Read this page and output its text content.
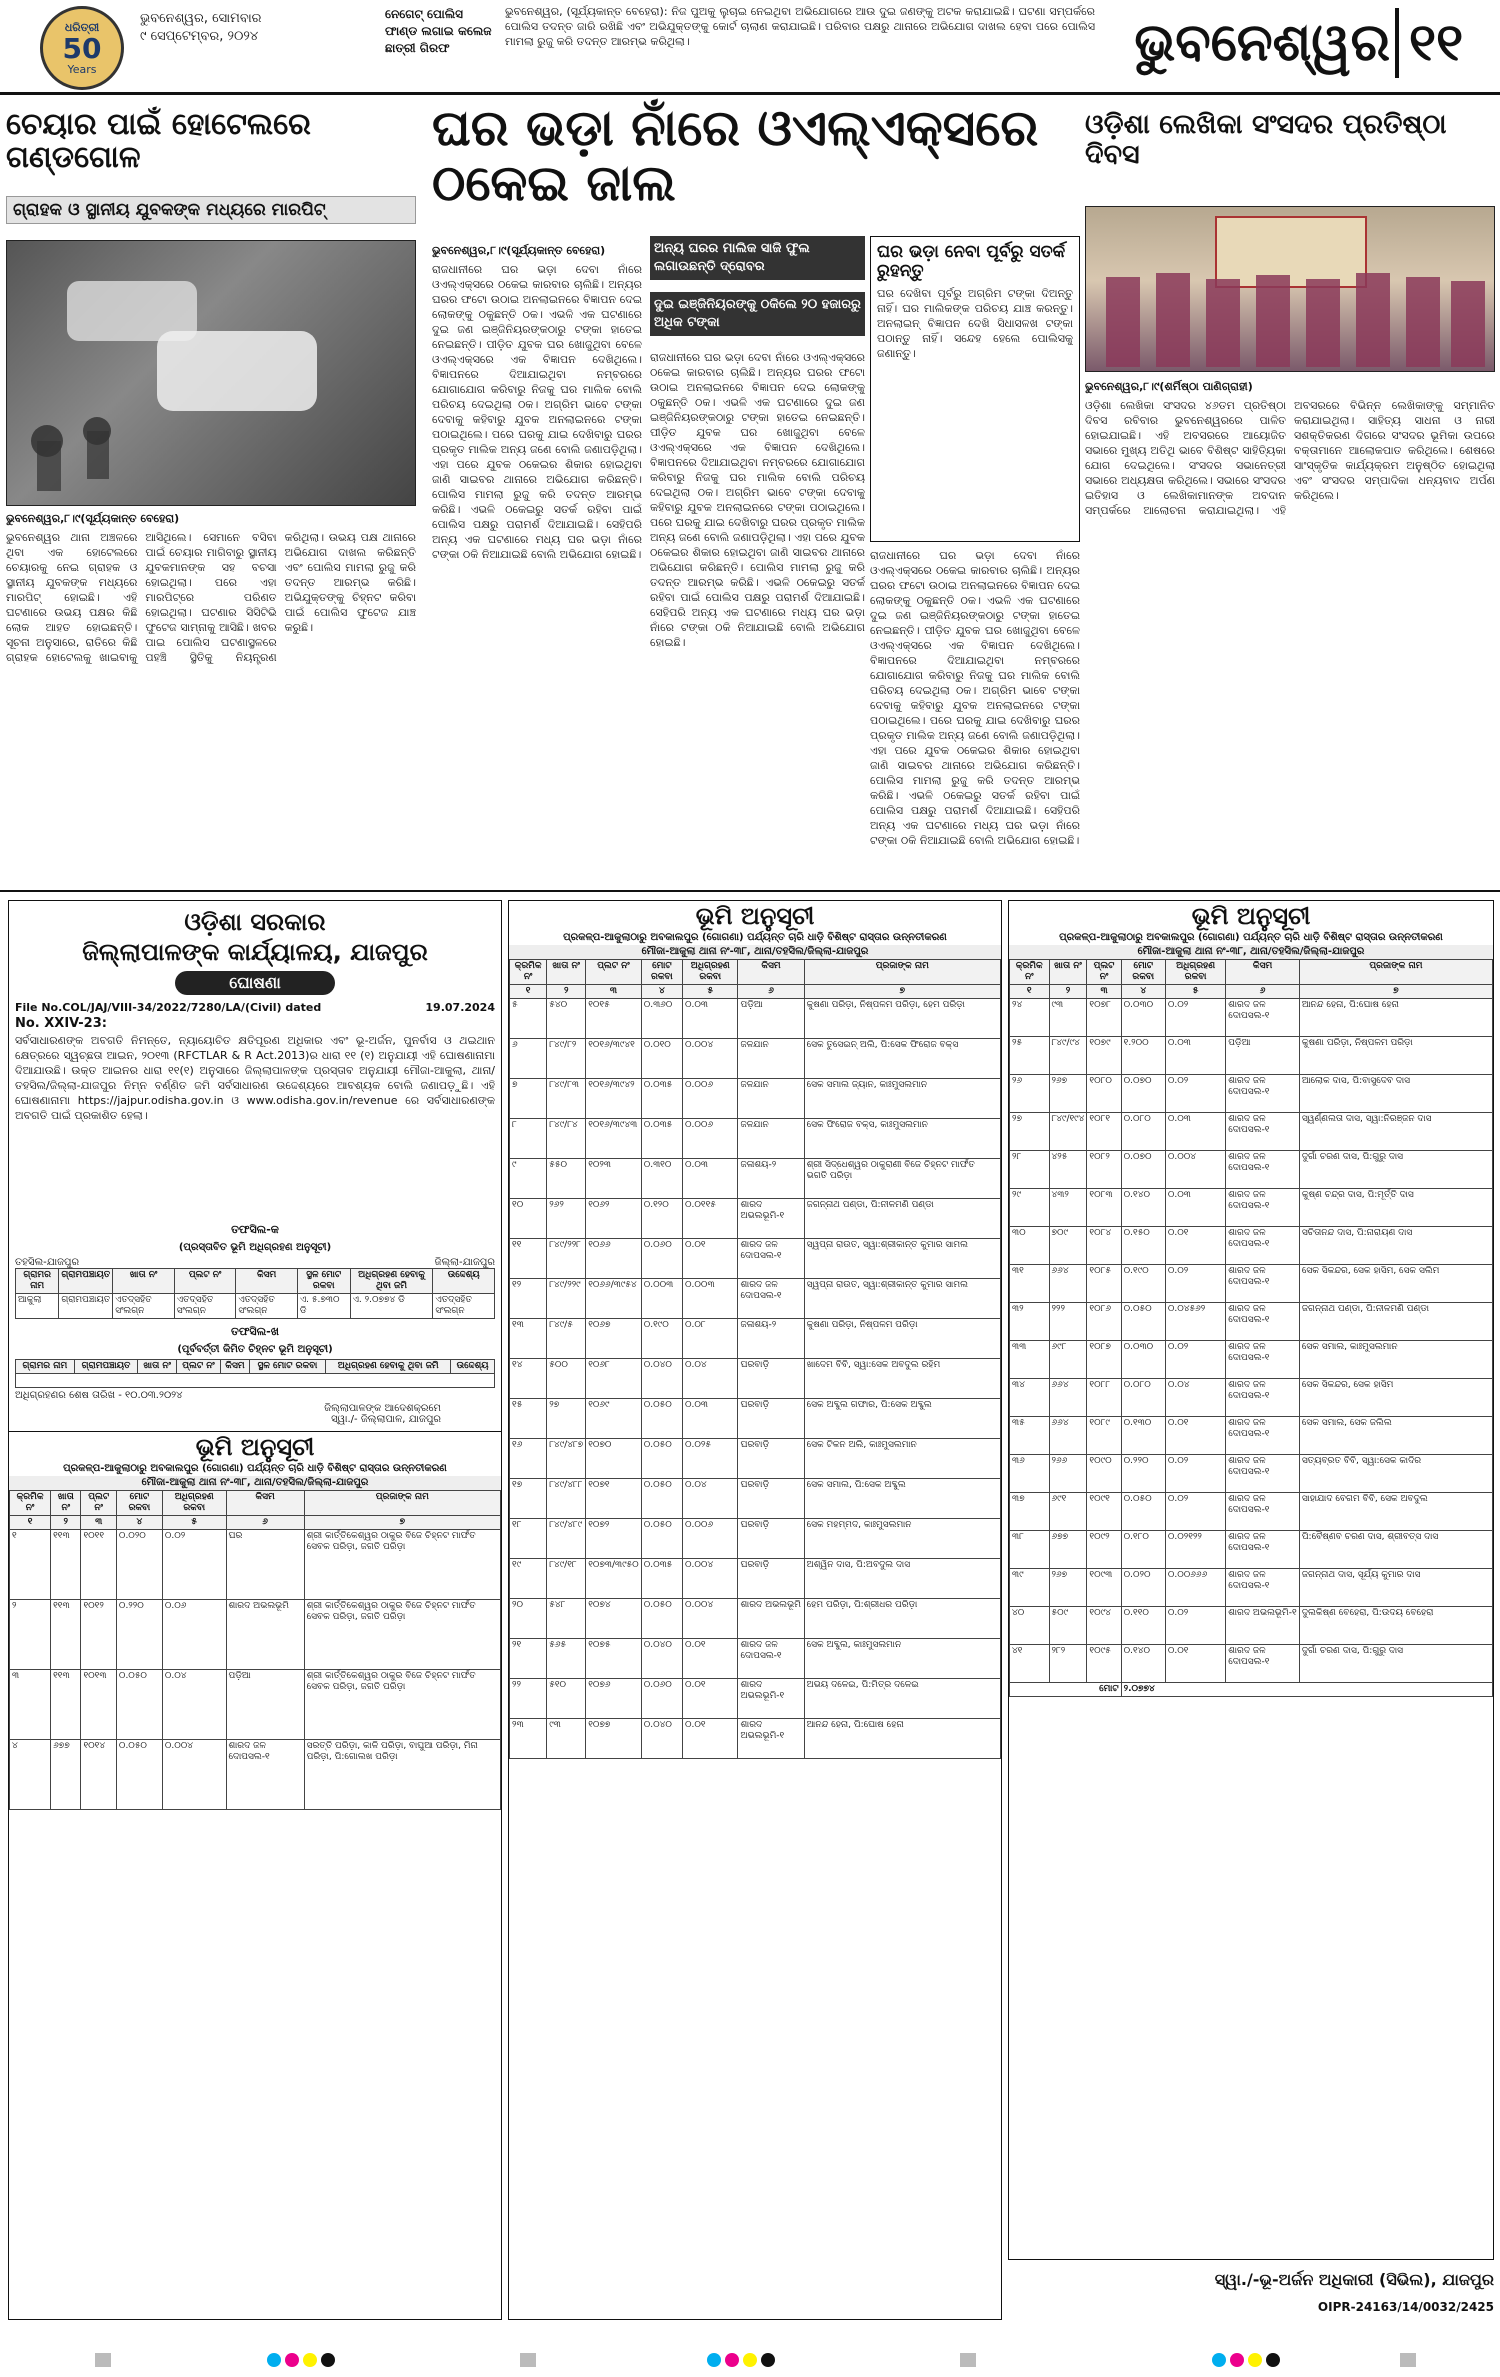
ଧରିତ୍ରୀ
50
Years
ଭୁବନେଶ୍ୱର, ସୋମବାର
୯ ସେପ୍ଟେମ୍ବର, ୨୦୨୪
ନେଗେଟ୍ ପୋଲିସ ଫାଣ୍ଡ ଲଗାଇ କଲେଜ ଛାତ୍ରୀ ଗିରଫ
ଭୁବନେଶ୍ୱର, (ସୂର୍ଯ୍ୟକାନ୍ତ ବେହେରା): ନିଜ ପୁଅକୁ ଲୁଚାଇ ନେଇଥିବା ଅଭିଯୋଗରେ ଆଉ ଦୁଇ ଜଣଙ୍କୁ ଅଟକ କରାଯାଇଛି। ଘଟଣା ସମ୍ପର୍କରେ ପୋଲିସ ତଦନ୍ତ ଜାରି ରଖିଛି ଏବଂ ଅଭିଯୁକ୍ତଙ୍କୁ କୋର୍ଟ ଚାଲାଣ କରାଯାଇଛି। ପରିବାର ପକ୍ଷରୁ ଥାନାରେ ଅଭିଯୋଗ ଦାଖଲ ହେବା ପରେ ପୋଲିସ ମାମଲା ରୁଜୁ କରି ତଦନ୍ତ ଆରମ୍ଭ କରିଥିଲା।	ଭୁବନେଶ୍ୱର ୧୧
ଚେୟାର ପାଇଁ ହୋଟେଲରେ ଗଣ୍ଡଗୋଳ
ଗ୍ରାହକ ଓ ସ୍ଥାନୀୟ ଯୁବକଙ୍କ ମଧ୍ୟରେ ମାରପିଟ୍
ଭୁବନେଶ୍ୱର,୮।୯(ସୂର୍ଯ୍ୟକାନ୍ତ ବେହେରା)
ଭୁବନେଶ୍ୱର ଥାନା ଅଞ୍ଚଳରେ ଥିବା ଏକ ହୋଟେଲରେ ଚେୟାରକୁ ନେଇ ଗ୍ରାହକ ଓ ସ୍ଥାନୀୟ ଯୁବକଙ୍କ ମଧ୍ୟରେ ମାରପିଟ୍ ହୋଇଛି। ଏହି ଘଟଣାରେ ଉଭୟ ପକ୍ଷର କିଛି ଲୋକ ଆହତ ହୋଇଛନ୍ତି। ସୂଚନା ଅନୁସାରେ, ରାତିରେ କିଛି ଗ୍ରାହକ ହୋଟେଲକୁ ଖାଇବାକୁ ଆସିଥିଲେ। ସେମାନେ ବସିବା ପାଇଁ ଚେୟାର ମାଗିବାରୁ ସ୍ଥାନୀୟ ଯୁବକମାନଙ୍କ ସହ ବଚସା ହୋଇଥିଲା। ପରେ ଏହା ମାରପିଟ୍‌ରେ ପରିଣତ ହୋଇଥିଲା। ଘଟଣାର ସିସିଟିଭି ଫୁଟେଜ ସାମ୍ନାକୁ ଆସିଛି। ଖବର ପାଇ ପୋଲିସ ଘଟଣାସ୍ଥଳରେ ପହଞ୍ଚି ସ୍ଥିତିକୁ ନିୟନ୍ତ୍ରଣ କରିଥିଲା। ଉଭୟ ପକ୍ଷ ଥାନାରେ ଅଭିଯୋଗ ଦାଖଲ କରିଛନ୍ତି ଏବଂ ପୋଲିସ ମାମଲା ରୁଜୁ କରି ତଦନ୍ତ ଆରମ୍ଭ କରିଛି। ଅଭିଯୁକ୍ତଙ୍କୁ ଚିହ୍ନଟ କରିବା ପାଇଁ ପୋଲିସ ଫୁଟେଜ ଯାଞ୍ଚ କରୁଛି।
ଘର ଭଡ଼ା ନାଁରେ ଓଏଲ୍‌ଏକ୍ସରେ ଠକେଇ ଜାଲ
ଭୁବନେଶ୍ୱର,୮।୯(ସୂର୍ଯ୍ୟକାନ୍ତ ବେହେରା)	ଅନ୍ୟ ଘରର ମାଲିକ ସାଜି ଫୁଲ ଲଗାଉଛନ୍ତି ଦ୍ରୋବର
ଦୁଇ ଇଞ୍ଜିନିୟରଙ୍କୁ ଠକିଲେ ୨୦ ହଜାରରୁ ଅଧିକ ଟଙ୍କା
ଘର ଭଡ଼ା ନେବା ପୂର୍ବରୁ ସତର୍କ ରୁହନ୍ତୁ
ଘର ଦେଖିବା ପୂର୍ବରୁ ଅଗ୍ରିମ ଟଙ୍କା ଦିଅନ୍ତୁ ନାହିଁ। ଘର ମାଲିକଙ୍କ ପରିଚୟ ଯାଞ୍ଚ କରନ୍ତୁ। ଅନଲାଇନ୍ ବିଜ୍ଞାପନ ଦେଖି ସିଧାସଳଖ ଟଙ୍କା ପଠାନ୍ତୁ ନାହିଁ। ସନ୍ଦେହ ହେଲେ ପୋଲିସକୁ ଜଣାନ୍ତୁ।
ରାଜଧାନୀରେ ଘର ଭଡ଼ା ଦେବା ନାଁରେ ଓଏଲ୍‌ଏକ୍ସରେ ଠକେଇ କାରବାର ଚାଲିଛି। ଅନ୍ୟର ଘରର ଫଟୋ ଉଠାଇ ଅନଲାଇନରେ ବିଜ୍ଞାପନ ଦେଇ ଲୋକଙ୍କୁ ଠକୁଛନ୍ତି ଠକ। ଏଭଳି ଏକ ଘଟଣାରେ ଦୁଇ ଜଣ ଇଞ୍ଜିନିୟରଙ୍କଠାରୁ ଟଙ୍କା ହାତେଇ ନେଇଛନ୍ତି। ପୀଡ଼ିତ ଯୁବକ ଘର ଖୋଜୁଥିବା ବେଳେ ଓଏଲ୍‌ଏକ୍ସରେ ଏକ ବିଜ୍ଞାପନ ଦେଖିଥିଲେ। ବିଜ୍ଞାପନରେ ଦିଆଯାଇଥିବା ନମ୍ବରରେ ଯୋଗାଯୋଗ କରିବାରୁ ନିଜକୁ ଘର ମାଲିକ ବୋଲି ପରିଚୟ ଦେଇଥିଲା ଠକ। ଅଗ୍ରିମ ଭାବେ ଟଙ୍କା ଦେବାକୁ କହିବାରୁ ଯୁବକ ଅନଲାଇନରେ ଟଙ୍କା ପଠାଇଥିଲେ। ପରେ ଘରକୁ ଯାଇ ଦେଖିବାରୁ ଘରର ପ୍ରକୃତ ମାଲିକ ଅନ୍ୟ ଜଣେ ବୋଲି ଜଣାପଡ଼ିଥିଲା। ଏହା ପରେ ଯୁବକ ଠକେଇର ଶିକାର ହୋଇଥିବା ଜାଣି ସାଇବର ଥାନାରେ ଅଭିଯୋଗ କରିଛନ୍ତି। ପୋଲିସ ମାମଲା ରୁଜୁ କରି ତଦନ୍ତ ଆରମ୍ଭ କରିଛି। ଏଭଳି ଠକେଇରୁ ସତର୍କ ରହିବା ପାଇଁ ପୋଲିସ ପକ୍ଷରୁ ପରାମର୍ଶ ଦିଆଯାଇଛି। ସେହିପରି ଅନ୍ୟ ଏକ ଘଟଣାରେ ମଧ୍ୟ ଘର ଭଡ଼ା ନାଁରେ ଟଙ୍କା ଠକି ନିଆଯାଇଛି ବୋଲି ଅଭିଯୋଗ ହୋଇଛି।
ରାଜଧାନୀରେ ଘର ଭଡ଼ା ଦେବା ନାଁରେ ଓଏଲ୍‌ଏକ୍ସରେ ଠକେଇ କାରବାର ଚାଲିଛି। ଅନ୍ୟର ଘରର ଫଟୋ ଉଠାଇ ଅନଲାଇନରେ ବିଜ୍ଞାପନ ଦେଇ ଲୋକଙ୍କୁ ଠକୁଛନ୍ତି ଠକ। ଏଭଳି ଏକ ଘଟଣାରେ ଦୁଇ ଜଣ ଇଞ୍ଜିନିୟରଙ୍କଠାରୁ ଟଙ୍କା ହାତେଇ ନେଇଛନ୍ତି। ପୀଡ଼ିତ ଯୁବକ ଘର ଖୋଜୁଥିବା ବେଳେ ଓଏଲ୍‌ଏକ୍ସରେ ଏକ ବିଜ୍ଞାପନ ଦେଖିଥିଲେ। ବିଜ୍ଞାପନରେ ଦିଆଯାଇଥିବା ନମ୍ବରରେ ଯୋଗାଯୋଗ କରିବାରୁ ନିଜକୁ ଘର ମାଲିକ ବୋଲି ପରିଚୟ ଦେଇଥିଲା ଠକ। ଅଗ୍ରିମ ଭାବେ ଟଙ୍କା ଦେବାକୁ କହିବାରୁ ଯୁବକ ଅନଲାଇନରେ ଟଙ୍କା ପଠାଇଥିଲେ। ପରେ ଘରକୁ ଯାଇ ଦେଖିବାରୁ ଘରର ପ୍ରକୃତ ମାଲିକ ଅନ୍ୟ ଜଣେ ବୋଲି ଜଣାପଡ଼ିଥିଲା। ଏହା ପରେ ଯୁବକ ଠକେଇର ଶିକାର ହୋଇଥିବା ଜାଣି ସାଇବର ଥାନାରେ ଅଭିଯୋଗ କରିଛନ୍ତି। ପୋଲିସ ମାମଲା ରୁଜୁ କରି ତଦନ୍ତ ଆରମ୍ଭ କରିଛି। ଏଭଳି ଠକେଇରୁ ସତର୍କ ରହିବା ପାଇଁ ପୋଲିସ ପକ୍ଷରୁ ପରାମର୍ଶ ଦିଆଯାଇଛି। ସେହିପରି ଅନ୍ୟ ଏକ ଘଟଣାରେ ମଧ୍ୟ ଘର ଭଡ଼ା ନାଁରେ ଟଙ୍କା ଠକି ନିଆଯାଇଛି ବୋଲି ଅଭିଯୋଗ ହୋଇଛି।
ରାଜଧାନୀରେ ଘର ଭଡ଼ା ଦେବା ନାଁରେ ଓଏଲ୍‌ଏକ୍ସରେ ଠକେଇ କାରବାର ଚାଲିଛି। ଅନ୍ୟର ଘରର ଫଟୋ ଉଠାଇ ଅନଲାଇନରେ ବିଜ୍ଞାପନ ଦେଇ ଲୋକଙ୍କୁ ଠକୁଛନ୍ତି ଠକ। ଏଭଳି ଏକ ଘଟଣାରେ ଦୁଇ ଜଣ ଇଞ୍ଜିନିୟରଙ୍କଠାରୁ ଟଙ୍କା ହାତେଇ ନେଇଛନ୍ତି। ପୀଡ଼ିତ ଯୁବକ ଘର ଖୋଜୁଥିବା ବେଳେ ଓଏଲ୍‌ଏକ୍ସରେ ଏକ ବିଜ୍ଞାପନ ଦେଖିଥିଲେ। ବିଜ୍ଞାପନରେ ଦିଆଯାଇଥିବା ନମ୍ବରରେ ଯୋଗାଯୋଗ କରିବାରୁ ନିଜକୁ ଘର ମାଲିକ ବୋଲି ପରିଚୟ ଦେଇଥିଲା ଠକ। ଅଗ୍ରିମ ଭାବେ ଟଙ୍କା ଦେବାକୁ କହିବାରୁ ଯୁବକ ଅନଲାଇନରେ ଟଙ୍କା ପଠାଇଥିଲେ। ପରେ ଘରକୁ ଯାଇ ଦେଖିବାରୁ ଘରର ପ୍ରକୃତ ମାଲିକ ଅନ୍ୟ ଜଣେ ବୋଲି ଜଣାପଡ଼ିଥିଲା। ଏହା ପରେ ଯୁବକ ଠକେଇର ଶିକାର ହୋଇଥିବା ଜାଣି ସାଇବର ଥାନାରେ ଅଭିଯୋଗ କରିଛନ୍ତି। ପୋଲିସ ମାମଲା ରୁଜୁ କରି ତଦନ୍ତ ଆରମ୍ଭ କରିଛି। ଏଭଳି ଠକେଇରୁ ସତର୍କ ରହିବା ପାଇଁ ପୋଲିସ ପକ୍ଷରୁ ପରାମର୍ଶ ଦିଆଯାଇଛି। ସେହିପରି ଅନ୍ୟ ଏକ ଘଟଣାରେ ମଧ୍ୟ ଘର ଭଡ଼ା ନାଁରେ ଟଙ୍କା ଠକି ନିଆଯାଇଛି ବୋଲି ଅଭିଯୋଗ ହୋଇଛି।
ଓଡ଼ିଶା ଲେଖିକା ସଂସଦର ପ୍ରତିଷ୍ଠା ଦିବସ
ଭୁବନେଶ୍ୱର,୮।୯(ଶର୍ମିଷ୍ଠା ପାଣିଗ୍ରାହୀ)
ଓଡ଼ିଶା ଲେଖିକା ସଂସଦର ୪୬ତମ ପ୍ରତିଷ୍ଠା ଦିବସ ରବିବାର ଭୁବନେଶ୍ୱରରେ ପାଳିତ ହୋଇଯାଇଛି। ଏହି ଅବସରରେ ଆୟୋଜିତ ସଭାରେ ମୁଖ୍ୟ ଅତିଥି ଭାବେ ବିଶିଷ୍ଟ ସାହିତ୍ୟିକା ଯୋଗ ଦେଇଥିଲେ। ସଂସଦର ସଭାନେତ୍ରୀ ସଭାରେ ଅଧ୍ୟକ୍ଷତା କରିଥିଲେ। ସଭାରେ ସଂସଦର ଇତିହାସ ଓ ଲେଖିକାମାନଙ୍କ ଅବଦାନ ସମ୍ପର୍କରେ ଆଲୋଚନା କରାଯାଇଥିଲା। ଏହି ଅବସରରେ ବିଭିନ୍ନ ଲେଖିକାଙ୍କୁ ସମ୍ମାନିତ କରାଯାଇଥିଲା। ସାହିତ୍ୟ ସାଧନା ଓ ନାରୀ ସଶକ୍ତିକରଣ ଦିଗରେ ସଂସଦର ଭୂମିକା ଉପରେ ବକ୍ତାମାନେ ଆଲୋକପାତ କରିଥିଲେ। ଶେଷରେ ସାଂସ୍କୃତିକ କାର୍ଯ୍ୟକ୍ରମ ଅନୁଷ୍ଠିତ ହୋଇଥିଲା ଏବଂ ସଂସଦର ସମ୍ପାଦିକା ଧନ୍ୟବାଦ ଅର୍ପଣ କରିଥିଲେ।
ଓଡ଼ିଶା ସରକାର
ଜିଲ୍ଲାପାଳଙ୍କ କାର୍ଯ୍ୟାଳୟ, ଯାଜପୁର
ଘୋଷଣା
File No.COL/JAJ/VIII-34/2022/7280/LA/(Civil) dated	19.07.2024
No. XXIV-23:
ସର୍ବସାଧାରଣଙ୍କ ଅବଗତି ନିମନ୍ତେ, ନ୍ୟାୟୋଚିତ କ୍ଷତିପୂରଣ ଅଧିକାର ଏବଂ ଭୂ-ଅର୍ଜନ, ପୁନର୍ବାସ ଓ ଥଇଥାନ କ୍ଷେତ୍ରରେ ସ୍ୱଚ୍ଛତା ଆଇନ, ୨୦୧୩ (RFCTLAR & R Act.2013)ର ଧାରା ୧୧ (୧) ଅନୁଯାୟୀ ଏହି ଘୋଷଣାନାମା ଦିଆଯାଉଛି। ଉକ୍ତ ଆଇନର ଧାରା ୧୧(୧) ଅନୁସାରେ ଜିଲ୍ଲାପାଳଙ୍କ ପ୍ରସ୍ତାବ ଅନୁଯାୟୀ ମୌଜା-ଆକୁଲା, ଥାନା/ତହସିଲ/ଜିଲ୍ଲା-ଯାଜପୁର ନିମ୍ନ ବର୍ଣ୍ଣିତ ଜମି ସର୍ବସାଧାରଣ ଉଦ୍ଦେଶ୍ୟରେ ଆବଶ୍ୟକ ବୋଲି ଜଣାପଡ଼ୁଛି। ଏହି ଘୋଷଣାନାମା https://jajpur.odisha.gov.in ଓ www.odisha.gov.in/revenue ରେ ସର୍ବସାଧାରଣଙ୍କ ଅବଗତି ପାଇଁ ପ୍ରକାଶିତ ହେଲା।
ତଫସିଲ-କ
(ପ୍ରସ୍ତାବିତ ଭୂମି ଅଧିଗ୍ରହଣ ଅନୁସୂଚୀ)
ତହସିଲ-ଯାଜପୁର	ଜିଲ୍ଲା-ଯାଜପୁର
ଗ୍ରାମର ନାମ	ଗ୍ରାମପଞ୍ଚାୟତ	ଖାତା ନଂ	ପ୍ଲଟ ନଂ	କିସମ	ସ୍ଥଳ ମୋଟ ରକବା	ଅଧିଗ୍ରହଣ ହେବାକୁ ଥିବା ଜମି	ଉଦ୍ଦେଶ୍ୟ
ଆକୁଲା	ଗ୍ରାମପଞ୍ଚାୟତ	ଏତଦ୍‌ସହିତ ସଂଲଗ୍ନ	ଏତଦ୍‌ସହିତ ସଂଲଗ୍ନ	ଏତଦ୍‌ସହିତ ସଂଲଗ୍ନ	ଏ. ୫.୭୩୦ ଡି	ଏ. ୨.୦୭୭୪ ଡି	ଏତଦ୍‌ସହିତ ସଂଲଗ୍ନ
ତଫସିଲ-ଖ
(ପୂର୍ବବର୍ତ୍ତୀ କିମିତ ଚିହ୍ନଟ ଭୂମି ଅନୁସୂଚୀ)
ଗ୍ରାମର ନାମ	ଗ୍ରାମପଞ୍ଚାୟତ	ଖାତା ନଂ	ପ୍ଲଟ ନଂ	କିସମ	ସ୍ଥଳ ମୋଟ ରକବା	ଅଧିଗ୍ରହଣ ହେବାକୁ ଥିବା ଜମି	ଉଦ୍ଦେଶ୍ୟ

ଅଧିଗ୍ରହଣର ଶେଷ ତାରିଖ - ୧୦.୦୩.୨୦୨୪
ଜିଲ୍ଲାପାଳଙ୍କ ଆଦେଶକ୍ରମେ
ସ୍ୱା./- ଜିଲ୍ଲାପାଳ, ଯାଜପୁର
ଭୂମି ଅନୁସୂଚୀ
ପ୍ରକଳ୍ପ-ଆକୁଲାଠାରୁ ଅବକାଲପୁର (ଗୋଗଣା) ପର୍ଯ୍ୟନ୍ତ ଚାରି ଧାଡ଼ି ବିଶିଷ୍ଟ ରାସ୍ତାର ଉନ୍ନତୀକରଣ
ମୌଜା-ଆକୁଲା ଥାନା ନଂ-୩୮, ଥାନା/ତହସିଲ/ଜିଲ୍ଲା-ଯାଜପୁର
କ୍ରମିକ ନଂ	ଖାତା ନଂ	ପ୍ଲଟ ନଂ	ମୋଟ ରକବା	ଅଧିଗ୍ରହଣ ରକବା	କିସମ	ପ୍ରଜାଙ୍କ ନାମ
୧	୨	୩	୪	୫	୬	୭
୧	୧୧୩	୧୦୧୧	୦.୦୨୦	୦.୦୨	ଘର	ଶ୍ରୀ କାର୍ତ୍ତିକେଶ୍ୱର ଠାକୁର ବିଜେ ଚିହ୍ନଟ ମାର୍ଫତ ସେବକ ପରିଡ଼ା, ଜଗତି ପରିଡ଼ା
୨	୧୧୩	୧୦୧୨	୦.୨୨୦	୦.୦୬	ଶାରଦ ଅଭଲଭୂମି	ଶ୍ରୀ କାର୍ତ୍ତିକେଶ୍ୱର ଠାକୁର ବିଜେ ଚିହ୍ନଟ ମାର୍ଫତ ସେବକ ପରିଡ଼ା, ଜଗତି ପରିଡ଼ା
୩	୧୧୩	୧୦୧୩	୦.୦୫୦	୦.୦୪	ପଡ଼ିଆ	ଶ୍ରୀ କାର୍ତ୍ତିକେଶ୍ୱର ଠାକୁର ବିଜେ ଚିହ୍ନଟ ମାର୍ଫତ ସେବକ ପରିଡ଼ା, ଜଗତି ପରିଡ଼ା
୪	୬୭୭	୧୦୧୪	୦.୦୫୦	୦.୦୦୪	ଶାରଦ ଜଳ ଦୋପସଲ-୧	ସରତ୍ତି ପରିଡ଼ା, କାଳି ପରିଡ଼ା, ବାଘୁଆ ପରିଡ଼ା, ମିନା ପରିଡ଼ା, ପି:ଗୋଲଖ ପରିଡ଼ା
ଭୂମି ଅନୁସୂଚୀ
ପ୍ରକଳ୍ପ-ଆକୁଲାଠାରୁ ଅବକାଲପୁର (ଗୋଗଣା) ପର୍ଯ୍ୟନ୍ତ ଚାରି ଧାଡ଼ି ବିଶିଷ୍ଟ ରାସ୍ତାର ଉନ୍ନତୀକରଣ
ମୌଜା-ଆକୁଲା ଥାନା ନଂ-୩୮, ଥାନା/ତହସିଲ/ଜିଲ୍ଲା-ଯାଜପୁର
କ୍ରମିକ ନଂ	ଖାତା ନଂ	ପ୍ଲଟ ନଂ	ମୋଟ ରକବା	ଅଧିଗ୍ରହଣ ରକବା	କିସମ	ପ୍ରଜାଙ୍କ ନାମ
୧	୨	୩	୪	୫	୬	୭
୫	୫୪୦	୧୦୧୫	୦.୩୬୦	୦.୦୩	ପଡ଼ିଆ	କୁଷଣା ପରିଡ଼ା, ନିଷ୍ପଳମ ପରିଡ଼ା, ହେମ ପରିଡ଼ା
୬	୮୪୯/୮୨	୧୦୧୬/୩୯୪୧	୦.୦୧୦	୦.୦୦୪	ଜଳଯାନ	ସେକ ତୁସେଇନ୍ ଅଲି, ପି:ସେକ ଫିରୋଜ ବକ୍ସ
୭	୮୪୯/୮୩	୧୦୧୬/୩୯୪୨	୦.୦୩୫	୦.୦୦୬	ଜଳଯାନ	ସେକ ସମାଲ ଜ୍ୟାନ, କାଃମୁସଲମାନ
୮	୮୪୯/୮୪	୧୦୧୬/୩୯୪୩	୦.୦୩୫	୦.୦୦୬	ଜଳଯାନ	ସେକ ଫିରୋଜ ବକ୍ସ, କାଃମୁସଲମାନ
୯	୫୫୦	୧୦୨୩	୦.୩୧୦	୦.୦୩	ଜଳାଶୟ-୨	ଶ୍ରୀ ସିଦ୍ଧେଶ୍ୱର ଠାକୁରାଣୀ ବିଜେ ଚିହ୍ନଟ ମାର୍ଫତ ଭଗତି ପରିଡ଼ା
୧୦	୨୬୨	୧୦୬୨	୦.୧୨୦	୦.୦୧୧୫	ଶାରଦ ଅଭଲଭୂମି-୧	ଜଗନ୍ନାଥ ପଣ୍ଡା, ପି:ନୀଳମଣି ପଣ୍ଡା
୧୧	୮୪୯/୨୨୮	୧୦୬୬	୦.୦୬୦	୦.୦୧	ଶାରଦ ଜଳ ଦୋପସଲ-୧	ସ୍ୱପ୍ନା ରାଉତ, ସ୍ୱା:ଶ୍ରୀକାନ୍ତ କୁମାର ସାମଲ
୧୨	୮୪୯/୨୨୯	୧୦୬୬/୩୯୫୪	୦.୦୦୩	୦.୦୦୩	ଶାରଦ ଜଳ ଦୋପସଲ-୧	ସ୍ୱପ୍ନା ରାଉତ, ସ୍ୱା:ଶ୍ରୀକାନ୍ତ କୁମାର ସାମଲ
୧୩	୮୪୯/୫	୧୦୬୭	୦.୧୯୦	୦.୦୮	ଜଳାଶୟ-୨	କୁଷଣା ପରିଡ଼ା, ନିଷ୍ପଳମ ପରିଡ଼ା
୧୪	୫୦୦	୧୦୬୮	୦.୦୪୦	୦.୦୪	ଘରବାଡ଼ି	ଖାଦେମ ବିବି, ସ୍ୱା:ସେକ ଅବଦୁଲ ରହିମ
୧୫	୨୭	୧୦୬୯	୦.୦୫୦	୦.୦୩	ଘରବାଡ଼ି	ସେକ ଅବ୍ଦୁଲ ଗଫାର, ପି:ସେକ ଅବ୍ଦୁଲ
୧୬	୮୪୯/୪୮୭	୧୦୭୦	୦.୦୫୦	୦.୦୨୫	ଘରବାଡ଼ି	ସେକ ଟିକନ ଅଲି, କାଃମୁସଲମାନ
୧୭	୮୪୯/୪୮୮	୧୦୭୧	୦.୦୫୦	୦.୦୪	ଘରବାଡ଼ି	ସେକ ସମାଲ, ପି:ସେକ ଅବ୍ଦୁଲ
୧୮	୮୪୯/୪୮୯	୧୦୭୨	୦.୦୫୦	୦.୦୦୬	ଘରବାଡ଼ି	ସେକ ମହମ୍ମଦ, କାଃମୁସଲମାନ
୧୯	୮୪୯/୧୮	୧୦୭୩/୩୯୫୦	୦.୦୩୫	୦.୦୦୪	ଘରବାଡ଼ି	ଅଶ୍ୱିନ ଦାସ, ପି:ଅବଦୁଲ ଦାସ
୨୦	୫୪୮	୧୦୭୪	୦.୦୫୦	୦.୦୦୪	ଶାରଦ ଅଭଲଭୂମି	ହେମ ପରିଡ଼ା, ପି:ଶ୍ରୀଧର ପରିଡ଼ା
୨୧	୫୬୫	୧୦୭୫	୦.୦୪୦	୦.୦୧	ଶାରଦ ଜଳ ଦୋପସଲ-୧	ସେକ ଅବ୍ଦୁଲ, କାଃମୁସଲମାନ
୨୨	୫୧୦	୧୦୭୬	୦.୦୬୦	୦.୦୧	ଶାରଦ ଅଭଲଭୂମି-୧	ଅଭୟ ଦଳେଇ, ପି:ମିତ୍ର ଦଳେଇ
୨୩	୯୩	୧୦୭୭	୦.୦୪୦	୦.୦୧	ଶାରଦ ଅଭଲଭୂମି-୧	ଆନନ୍ଦ ହେନା, ପି:ଘୋଷ ହେନା
ଭୂମି ଅନୁସୂଚୀ
ପ୍ରକଳ୍ପ-ଆକୁଲାଠାରୁ ଅବକାଲପୁର (ଗୋଗଣା) ପର୍ଯ୍ୟନ୍ତ ଚାରି ଧାଡ଼ି ବିଶିଷ୍ଟ ରାସ୍ତାର ଉନ୍ନତୀକରଣ
ମୌଜା-ଆକୁଲା ଥାନା ନଂ-୩୮, ଥାନା/ତହସିଲ/ଜିଲ୍ଲା-ଯାଜପୁର
କ୍ରମିକ ନଂ	ଖାତା ନଂ	ପ୍ଲଟ ନଂ	ମୋଟ ରକବା	ଅଧିଗ୍ରହଣ ରକବା	କିସମ	ପ୍ରଜାଙ୍କ ନାମ
୧	୨	୩	୪	୫	୬	୭
୨୪	୯୩	୧୦୭୮	୦.୦୩୦	୦.୦୨	ଶାରଦ ଜଳ ଦୋପସଲ-୧	ଆନନ୍ଦ ହେନା, ପି:ଘୋଷ ହେନା
୨୫	୮୪୯/୯୪	୧୦୭୯	୧.୨୦୦	୦.୦୩	ପଡ଼ିଆ	କୁଷଣା ପରିଡ଼ା, ନିଷ୍ପଳମ ପରିଡ଼ା
୨୬	୨୬୭	୧୦୮୦	୦.୦୭୦	୦.୦୨	ଶାରଦ ଜଳ ଦୋପସଲ-୧	ଆଲୋକ ଦାସ, ପି:ବାସୁଦେବ ଦାସ
୨୭	୮୪୯/୧୯୪	୧୦୮୧	୦.୦୮୦	୦.୦୩	ଶାରଦ ଜଳ ଦୋପସଲ-୧	ସ୍ୱର୍ଣ୍ଣଲତା ଦାସ, ସ୍ୱା:ନିରଞ୍ଜନ ଦାସ
୨୮	୪୨୫	୧୦୮୨	୦.୦୭୦	୦.୦୦୪	ଶାରଦ ଜଳ ଦୋପସଲ-୧	ଦୁର୍ଗା ଚରଣ ଦାସ, ପି:ଗୁରୁ ଦାସ
୨୯	୪୩୨	୧୦୮୩	୦.୧୪୦	୦.୦୩	ଶାରଦ ଜଳ ଦୋପସଲ-୧	କୁଷ୍ଣ ଚନ୍ଦ୍ର ଦାସ, ପି:ମୂର୍ତ୍ତି ଦାସ
୩୦	୭୦୯	୧୦୮୪	୦.୧୫୦	୦.୦୧	ଶାରଦ ଜଳ ଦୋପସଲ-୧	ସଚିତାନନ୍ଦ ଦାସ, ପି:ନାରାୟଣ ଦାସ
୩୧	୬୬୪	୧୦୮୫	୦.୧୯୦	୦.୦୨	ଶାରଦ ଜଳ ଦୋପସଲ-୧	ସେକ ସିକନ୍ଦର, ସେକ ହାସିମ, ସେକ ସଲିମ
୩୨	୨୨୨	୧୦୮୬	୦.୦୫୦	୦.୦୪୫୬୨	ଶାରଦ ଜଳ ଦୋପସଲ-୧	ଜଗନ୍ନାଥ ପଣ୍ଡା, ପି:ନୀଳମଣି ପଣ୍ଡା
୩୩	୬୯୮	୧୦୮୭	୦.୦୩୦	୦.୦୨	ଶାରଦ ଜଳ ଦୋପସଲ-୧	ସେକ ସମାଲ, କାଃମୁସଲମାନ
୩୪	୬୬୪	୧୦୮୮	୦.୦୮୦	୦.୦୪	ଶାରଦ ଜଳ ଦୋପସଲ-୧	ସେକ ସିକନ୍ଦର, ସେକ ହାସିମ
୩୫	୬୬୪	୧୦୮୯	୦.୧୩୦	୦.୦୧	ଶାରଦ ଜଳ ଦୋପସଲ-୧	ସେକ ସମାଲ, ସେକ ଜଲିଲ
୩୬	୨୬୬	୧୦୯୦	୦.୨୨୦	୦.୦୨	ଶାରଦ ଜଳ ଦୋପସଲ-୧	ସତ୍ୟବ୍ରତ ବିବି, ସ୍ୱା:ସେକ କାଦିର
୩୭	୬୯୧	୧୦୯୧	୦.୦୫୦	୦.୦୨	ଶାରଦ ଜଳ ଦୋପସଲ-୧	ସାହାଯାଦ ବେଗମ ବିବି, ସେକ ଅବଦୁଲ
୩୮	୬୭୭	୧୦୯୨	୦.୧୮୦	୦.୦୨୧୨୨	ଶାରଦ ଜଳ ଦୋପସଲ-୧	ପି:ବୈଷ୍ଣବ ଚରଣ ଦାସ, ଶ୍ରୀବତ୍ସ ଦାସ
୩୯	୨୬୭	୧୦୯୩	୦.୦୨୦	୦.୦୦୬୬୬	ଶାରଦ ଜଳ ଦୋପସଲ-୧	ଜଗନ୍ନାଥ ଦାସ, ସୂର୍ଯ୍ୟ କୁମାର ଦାସ
୪୦	୫୦୯	୧୦୯୪	୦.୧୧୦	୦.୦୨	ଶାରଦ ଅଭଲଭୂମି-୧	ଦୁଲକିଷ୍ଣ ବେହେରା, ପି:ଉଦୟ ବେହେରା
୪୧	୨୮୨	୧୦୯୫	୦.୧୪୦	୦.୦୧	ଶାରଦ ଜଳ ଦୋପସଲ-୧	ଦୁର୍ଗା ଚରଣ ଦାସ, ପି:ଗୁରୁ ଦାସ
ମୋଟ			୨.୦୭୭୪			
ସ୍ୱା./-ଭୂ-ଅର୍ଜନ ଅଧିକାରୀ (ସିଭିଲ), ଯାଜପୁର
OIPR-24163/14/0032/2425
